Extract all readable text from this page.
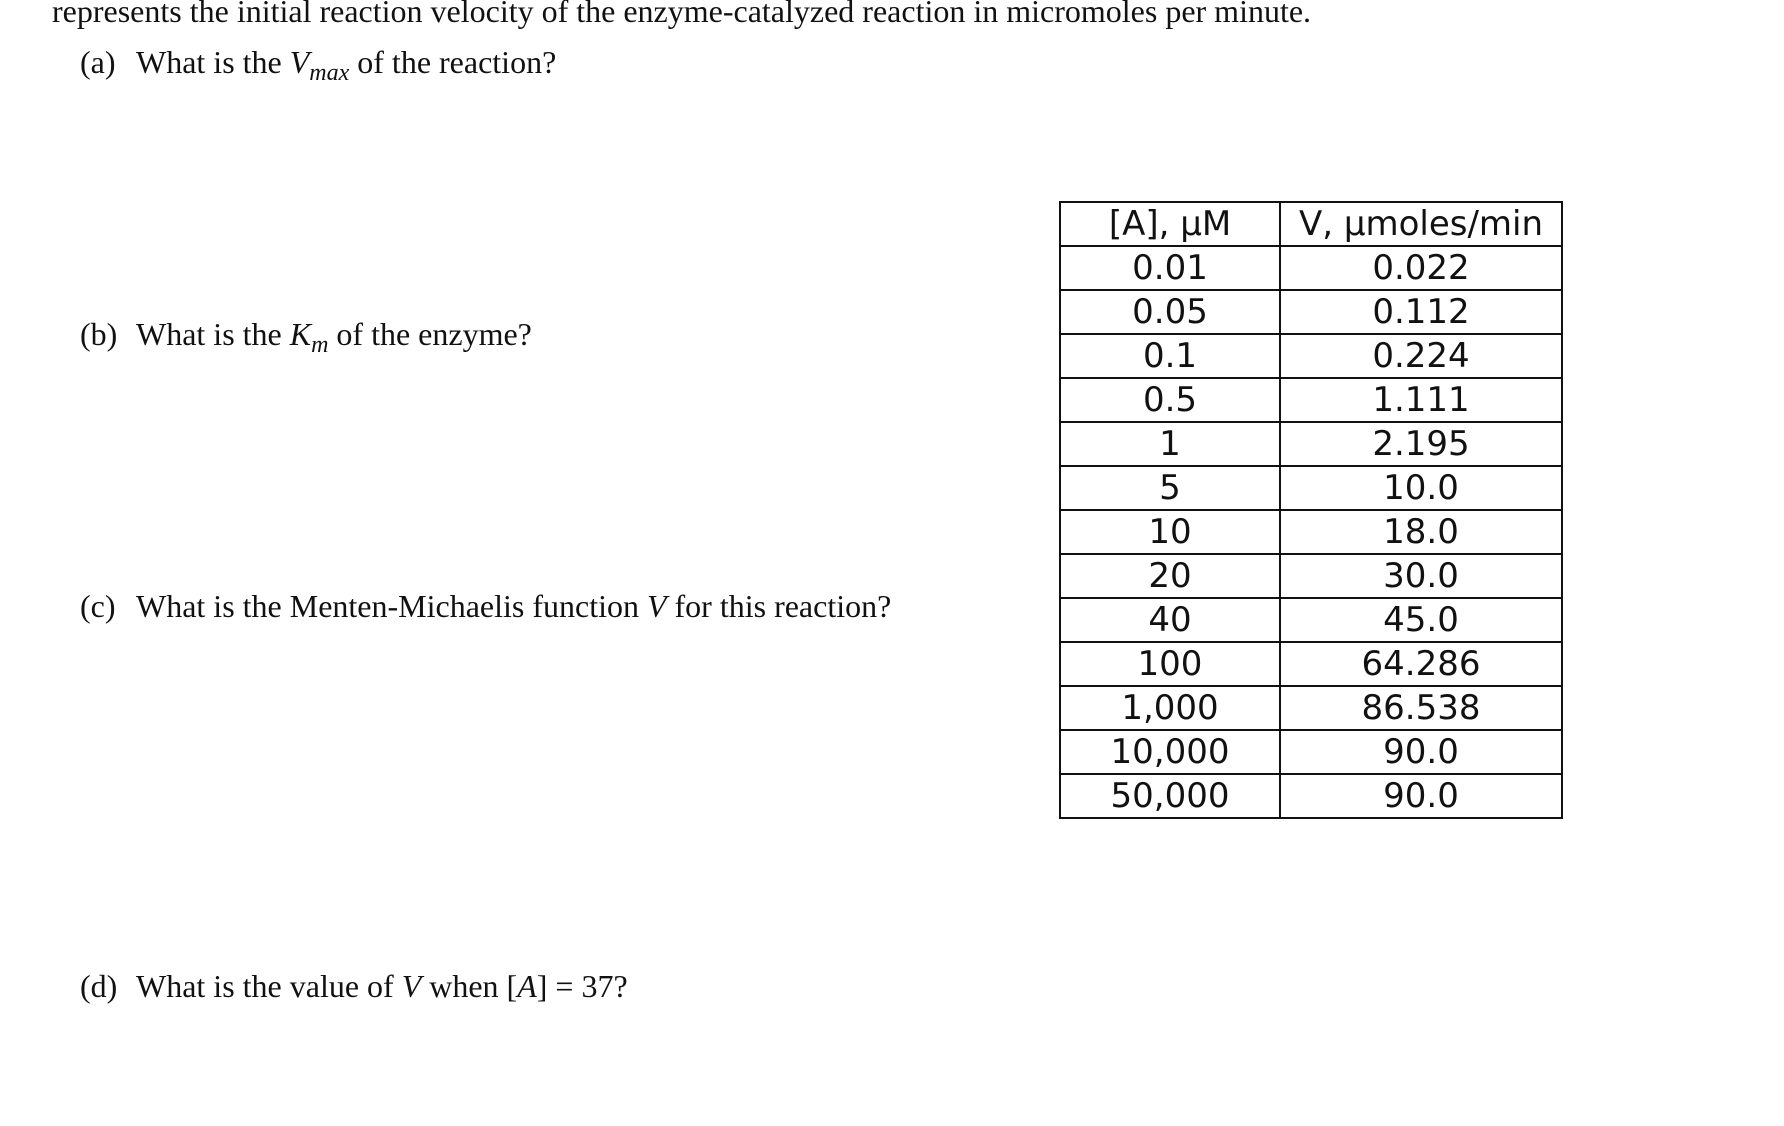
represents the initial reaction velocity of the enzyme-catalyzed reaction in micromoles per minute.
(a) What is the $V_{max}$ of the reaction?
(b) What is the $K_m$ of the enzyme?
(c) What is the Menten-Michaelis function V for this reaction?
(d) What is the value of V when [A] = 37?
[A], μM	V, μmoles/min
0.01	0.022
0.05	0.112
0.1	0.224
0.5	1.111
1	2.195
5	10.0
10	18.0
20	30.0
40	45.0
100	64.286
1,000	86.538
10,000	90.0
50,000	90.0
